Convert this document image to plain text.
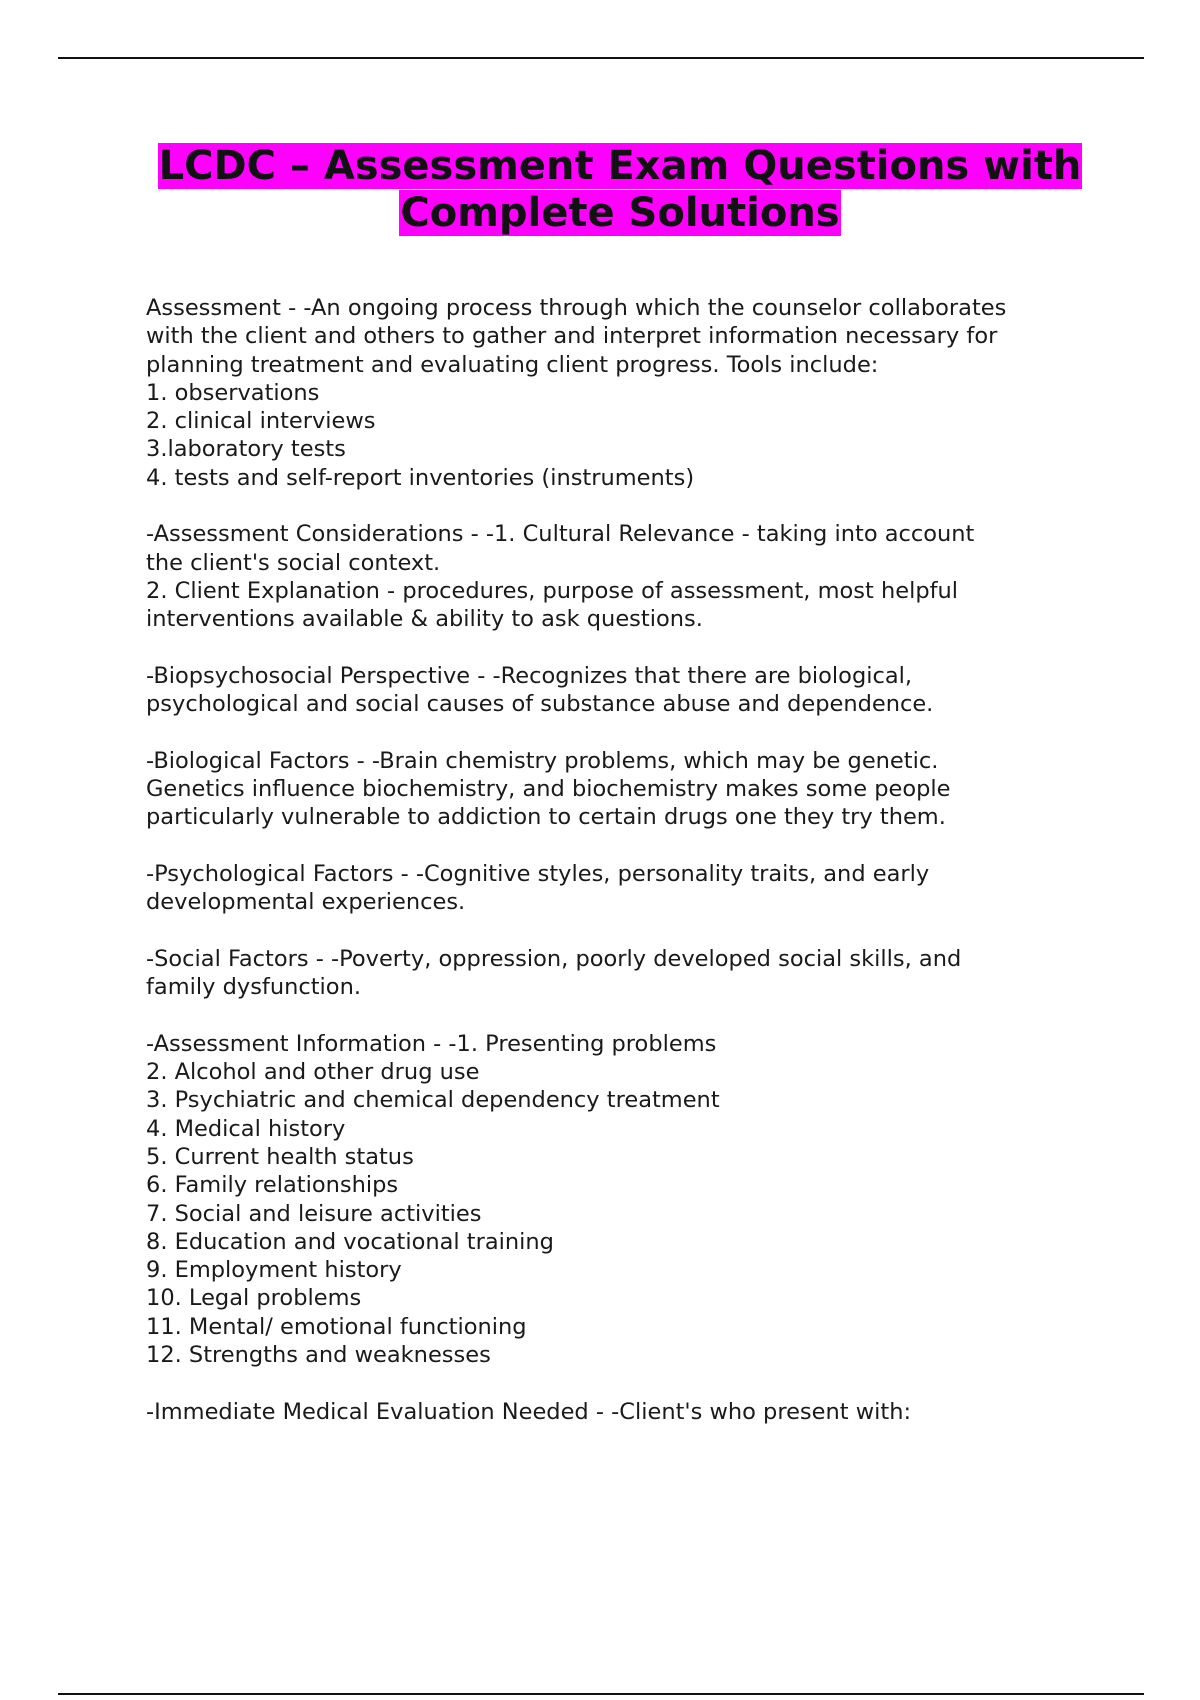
LCDC – Assessment Exam Questions with
Complete Solutions

Assessment - -An ongoing process through which the counselor collaborates

with the client and others to gather and interpret information necessary for

planning treatment and evaluating client progress. Tools include:

1. observations

2. clinical interviews

3.laboratory tests

4. tests and self-report inventories (instruments)

-Assessment Considerations - -1. Cultural Relevance - taking into account

the client's social context.

2. Client Explanation - procedures, purpose of assessment, most helpful

interventions available & ability to ask questions.

-Biopsychosocial Perspective - -Recognizes that there are biological,

psychological and social causes of substance abuse and dependence.

-Biological Factors - -Brain chemistry problems, which may be genetic.

Genetics influence biochemistry, and biochemistry makes some people

particularly vulnerable to addiction to certain drugs one they try them.

-Psychological Factors - -Cognitive styles, personality traits, and early

developmental experiences.

-Social Factors - -Poverty, oppression, poorly developed social skills, and

family dysfunction.

-Assessment Information - -1. Presenting problems

2. Alcohol and other drug use

3. Psychiatric and chemical dependency treatment

4. Medical history

5. Current health status

6. Family relationships

7. Social and leisure activities

8. Education and vocational training

9. Employment history

10. Legal problems

11. Mental/ emotional functioning

12. Strengths and weaknesses

-Immediate Medical Evaluation Needed - -Client's who present with:
